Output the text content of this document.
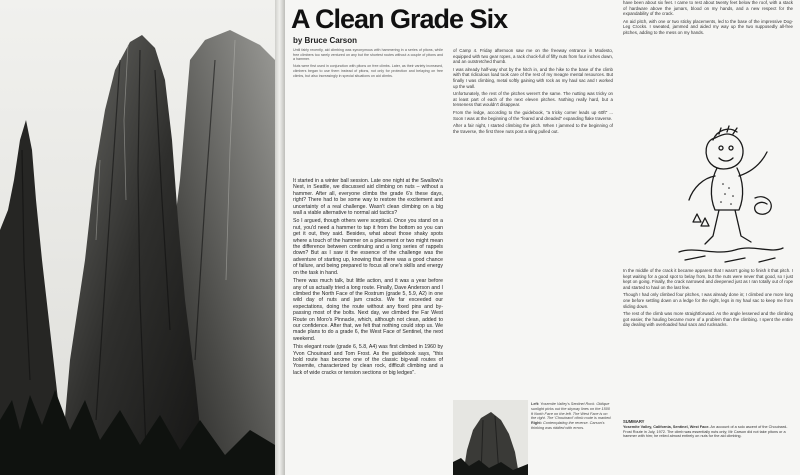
A Clean Grade Six
by Bruce Carson

Until fairly recently, aid climbing was synonymous with hammering in a series of pitons, while free climbers too rarely ventured on any but the shortest routes without a couple of pitons and a hammer.

Nuts were first used in conjunction with pitons on free climbs. Later, as their variety increased, climbers began to use them instead of pitons, not only for protection and belaying on free climbs, but also increasingly in special situations on aid climbs.

It started in a winter ball session. Late one night at the Swallow's Nest, in Seattle, we discussed aid climbing on nuts – without a hammer. After all, everyone climbs the grade 6's these days, right? There had to be some way to restore the excitement and uncertainty of a real challenge. Wasn't clean climbing on a big wall a viable alternative to normal aid tactics?

So I argued, though others were sceptical. Once you stand on a nut, you'd need a hammer to tap it from the bottom so you can get it out, they said. Besides, what about those shaky spots where a touch of the hammer on a placement or two might mean the difference between continuing and a long series of rappels down? But as I saw it the essence of the challenge was the adventure of starting up, knowing that there was a good chance of failure, and being prepared to focus all one's skills and energy on the task in hand.

There was much talk, but little action, and it was a year before any of us actually tried a long route. Finally, Dave Anderson and I climbed the North Face of the Rostrum (grade 5, 5.9, A2) in one wild day of nuts and jam cracks. We far exceeded our expectations, doing the route without any fixed pins and by-passing most of the bolts. Next day, we climbed the Far West Route on Moro's Pinnacle, which, although not clean, added to our confidence. After that, we felt that nothing could stop us. We made plans to do a grade 6, the West Face of Sentinel, the next weekend.

This elegant route (grade 6, 5.8, A4) was first climbed in 1960 by Yvon Chouinard and Tom Frost. As the guidebook says, "this bold route has become one of the classic big-wall routes of Yosemite, characterized by clean rock, difficult climbing and a lack of wide cracks or tension sections or big ledges".

of Camp 4. Friday afternoon saw me on the freeway entrance in Modesto, equipped with two gear ropes, a rack chock-full of fifty nuts from four inches down, and an outstretched thumb.

I was already half-way shot by the hitch in, and the hike to the base of the climb with that ridiculous load took care of the rest of my meagre mental resources. But finally I was climbing, metal softly gaining with rock as my haul sac and I worked up the wall.

Unfortunately, the rest of the pitches weren't the same. The nutting was tricky on at least part of each of the next eleven pitches. Nothing really hard, but a tenseness that wouldn't disappear.

From the ledge, according to the guidebook, "a tricky corner leads up 60ft" ... Soon I was at the beginning of the "feared and dreaded" expanding flake traverse.

After a fair night, I started climbing the pitch. When I jammed to the beginning of the traverse, the first three nuts post a sling pulled out.

Left: Yosemite Valley's Sentinel Rock. Oblique sunlight picks out the skyway lines on the 1500 ft North Face on the left. The West Face is on the right. The 'Chouinard' climb route is marked. Right: Contemplating the reverse. Carson's thinking was riddled with errors.

have been about six feet. I came to rest about twenty feet below the roof, with a stack of hardware above the jumars, blood on my hands, and a new respect for the expandability of the crack.

An aid pitch, with one or two sticky placements, led to the base of the impressive Dog-Leg Crocks. I sweated, jammed and aided my way up the two supposedly all-free pitches, adding to the mess on my hands.

In the middle of the crack it became apparent that I wasn't going to finish it that pitch. I kept waiting for a good spot to belay from, but the nuts were never that good, so I just kept on going. Finally, the crack narrowed and deepened just as I ran totally out of rope and started to haul on the last few.

Though I had only climbed four pitches, I was already done in; I climbed one more long one before settling down on a ledge for the night, legs in my haul sac to keep me from sliding down.

The rest of the climb was more straightforward. As the angle lessened and the climbing got easier, the hauling became more of a problem than the climbing. I spent the entire day dealing with overloaded haul sacs and rucksacks.

SUMMARY
Yosemite Valley, California, Sentinel, West Face. An account of a solo ascent of the Chouinard-Frost Route in July, 1972. The climb was essentially nuts only; Mr Carson did not take pitons or a hammer with him; he relied almost entirely on nuts for the aid climbing.
